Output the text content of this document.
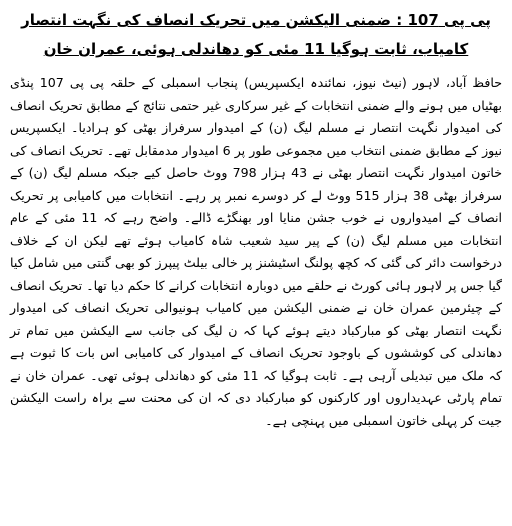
پی پی 107 : ضمنی الیکشن میں تحریک انصاف کی نگہت انتصار کامیاب، ثابت ہوگیا 11 مئی کو دھاندلی ہوئی، عمران خان

حافظ آباد، لاہور (نیٹ نیوز، نمائندہ ایکسپریس) پنجاب اسمبلی کے حلقہ پی پی 107 پنڈی بھٹیاں میں ہونے والے ضمنی انتخابات کے غیر سرکاری غیر حتمی نتائج کے مطابق تحریک انصاف کی امیدوار نگہت انتصار نے مسلم لیگ (ن) کے امیدوار سرفراز بھٹی کو ہرادیا۔ ایکسپریس نیوز کے مطابق ضمنی انتخاب میں مجموعی طور پر 6 امیدوار مدمقابل تھے۔ تحریک انصاف کی خاتون امیدوار نگہت انتصار بھٹی نے 43 ہزار 798 ووٹ حاصل کیے جبکہ مسلم لیگ (ن) کے سرفراز بھٹی 38 ہزار 515 ووٹ لے کر دوسرے نمبر پر رہے۔ انتخابات میں کامیابی پر تحریک انصاف کے امیدواروں نے خوب جشن منایا اور بھنگڑے ڈالے۔ واضح رہے کہ 11 مئی کے عام انتخابات میں مسلم لیگ (ن) کے پیر سید شعیب شاہ کامیاب ہوئے تھے لیکن ان کے خلاف درخواست دائر کی گئی کہ کچھ پولنگ اسٹیشنز پر خالی بیلٹ پیپرز کو بھی گنتی میں شامل کیا گیا جس پر لاہور ہائی کورٹ نے حلقے میں دوبارہ انتخابات کرانے کا حکم دیا تھا۔ تحریک انصاف کے چیئرمین عمران خان نے ضمنی الیکشن میں کامیاب ہونیوالی تحریک انصاف کی امیدوار نگہت انتصار بھٹی کو مبارکباد دیتے ہوئے کہا کہ ن لیگ کی جانب سے الیکشن میں تمام تر دھاندلی کی کوششوں کے باوجود تحریک انصاف کے امیدوار کی کامیابی اس بات کا ثبوت ہے کہ ملک میں تبدیلی آرہی ہے۔ ثابت ہوگیا کہ 11 مئی کو دھاندلی ہوئی تھی۔ عمران خان نے تمام پارٹی عہدیداروں اور کارکنوں کو مبارکباد دی کہ ان کی محنت سے براہ راست الیکشن جیت کر پہلی خاتون اسمبلی میں پہنچی ہے۔
